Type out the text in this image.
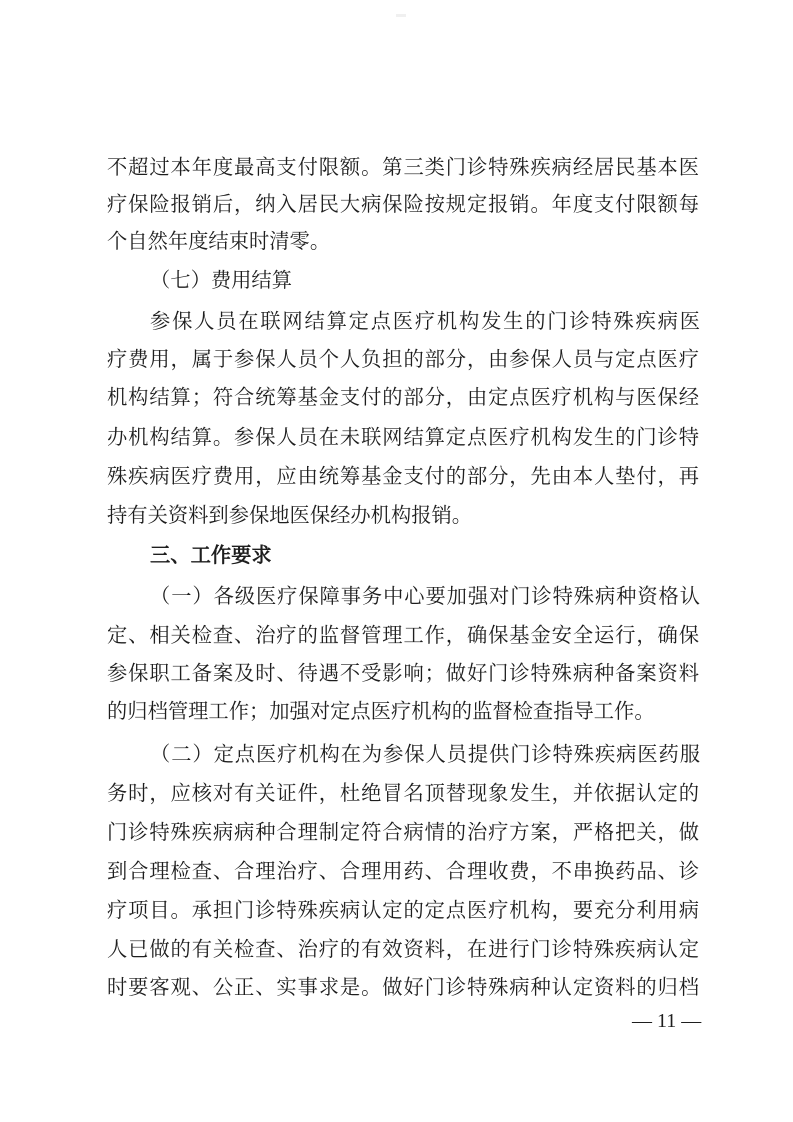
不超过本年度最高支付限额。第三类门诊特殊疾病经居民基本医
疗保险报销后，纳入居民大病保险按规定报销。年度支付限额每
个自然年度结束时清零。
（七）费用结算
参保人员在联网结算定点医疗机构发生的门诊特殊疾病医
疗费用，属于参保人员个人负担的部分，由参保人员与定点医疗
机构结算；符合统筹基金支付的部分，由定点医疗机构与医保经
办机构结算。参保人员在未联网结算定点医疗机构发生的门诊特
殊疾病医疗费用，应由统筹基金支付的部分，先由本人垫付，再
持有关资料到参保地医保经办机构报销。
三、工作要求
（一）各级医疗保障事务中心要加强对门诊特殊病种资格认
定、相关检查、治疗的监督管理工作，确保基金安全运行，确保
参保职工备案及时、待遇不受影响；做好门诊特殊病种备案资料
的归档管理工作；加强对定点医疗机构的监督检查指导工作。
（二）定点医疗机构在为参保人员提供门诊特殊疾病医药服
务时，应核对有关证件，杜绝冒名顶替现象发生，并依据认定的
门诊特殊疾病病种合理制定符合病情的治疗方案，严格把关，做
到合理检查、合理治疗、合理用药、合理收费，不串换药品、诊
疗项目。承担门诊特殊疾病认定的定点医疗机构，要充分利用病
人已做的有关检查、治疗的有效资料，在进行门诊特殊疾病认定
时要客观、公正、实事求是。做好门诊特殊病种认定资料的归档
— 11 —
